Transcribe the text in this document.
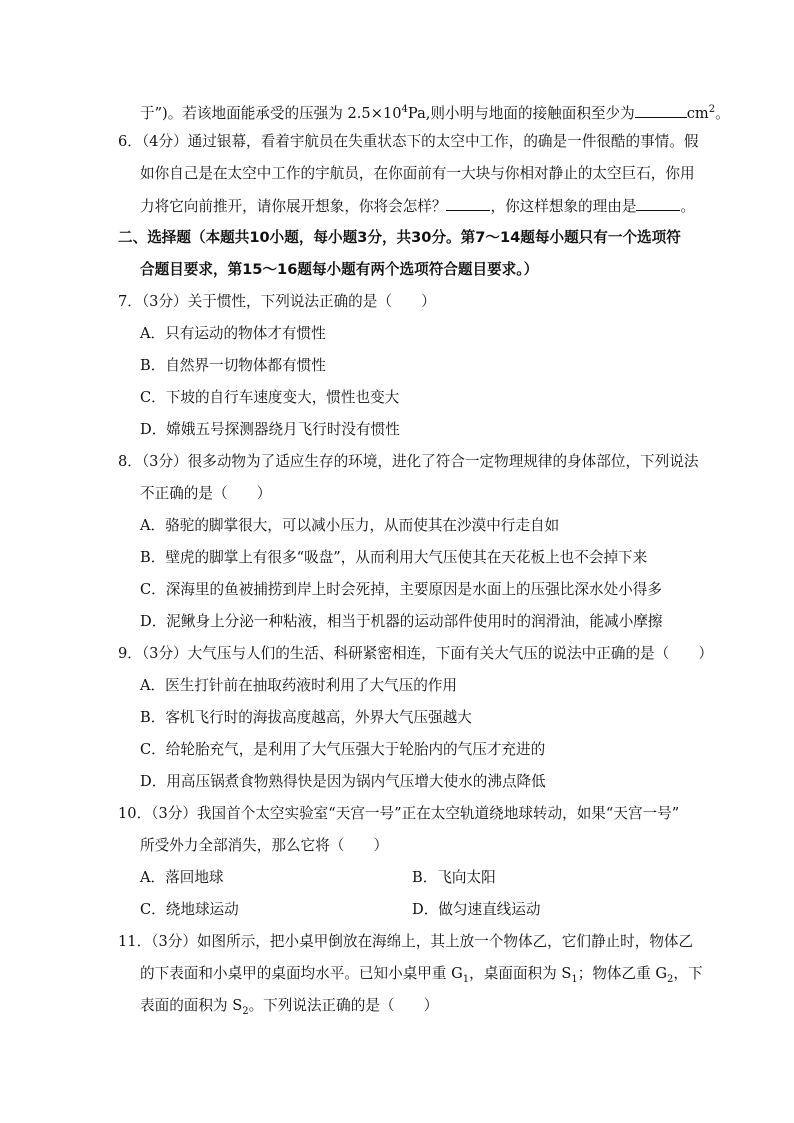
于”)。若该地面能承受的压强为 $2.5\times 10^4Pa$,则小明与地面的接触面积至少为	$cm^2$。
6．（4分）通过银幕，看着宇航员在失重状态下的太空中工作，的确是一件很酷的事情。假
如你自己是在太空中工作的宇航员，在你面前有一大块与你相对静止的太空巨石，你用
力将它向前推开，请你展开想象，你将会怎样？	，你这样想象的理由是	。
二、选择题（本题共10小题，每小题3分，共30分。第7～14题每小题只有一个选项符
合题目要求，第15～16题每小题有两个选项符合题目要求。）
7．（3分）关于惯性，下列说法正确的是（　　）
A．只有运动的物体才有惯性
B．自然界一切物体都有惯性
C．下坡的自行车速度变大，惯性也变大
D．嫦娥五号探测器绕月飞行时没有惯性
8．（3分）很多动物为了适应生存的环境，进化了符合一定物理规律的身体部位，下列说法
不正确的是（　　）
A．骆驼的脚掌很大，可以减小压力，从而使其在沙漠中行走自如
B．壁虎的脚掌上有很多“吸盘”，从而利用大气压使其在天花板上也不会掉下来
C．深海里的鱼被捕捞到岸上时会死掉，主要原因是水面上的压强比深水处小得多
D．泥鳅身上分泌一种粘液，相当于机器的运动部件使用时的润滑油，能减小摩擦
9．（3分）大气压与人们的生活、科研紧密相连，下面有关大气压的说法中正确的是（　　）
A．医生打针前在抽取药液时利用了大气压的作用
B．客机飞行时的海拔高度越高，外界大气压强越大
C．给轮胎充气，是利用了大气压强大于轮胎内的气压才充进的
D．用高压锅煮食物熟得快是因为锅内气压增大使水的沸点降低
10．（3分）我国首个太空实验室“天宫一号”正在太空轨道绕地球转动，如果“天宫一号”
所受外力全部消失，那么它将（　　）
A．落回地球	B．飞向太阳
C．绕地球运动	D．做匀速直线运动
11．（3分）如图所示，把小桌甲倒放在海绵上，其上放一个物体乙，它们静止时，物体乙
的下表面和小桌甲的桌面均水平。已知小桌甲重 $G_1$，桌面面积为 $S_1$；物体乙重 $G_2$，下
表面的面积为 $S_2$。下列说法正确的是（　　）
